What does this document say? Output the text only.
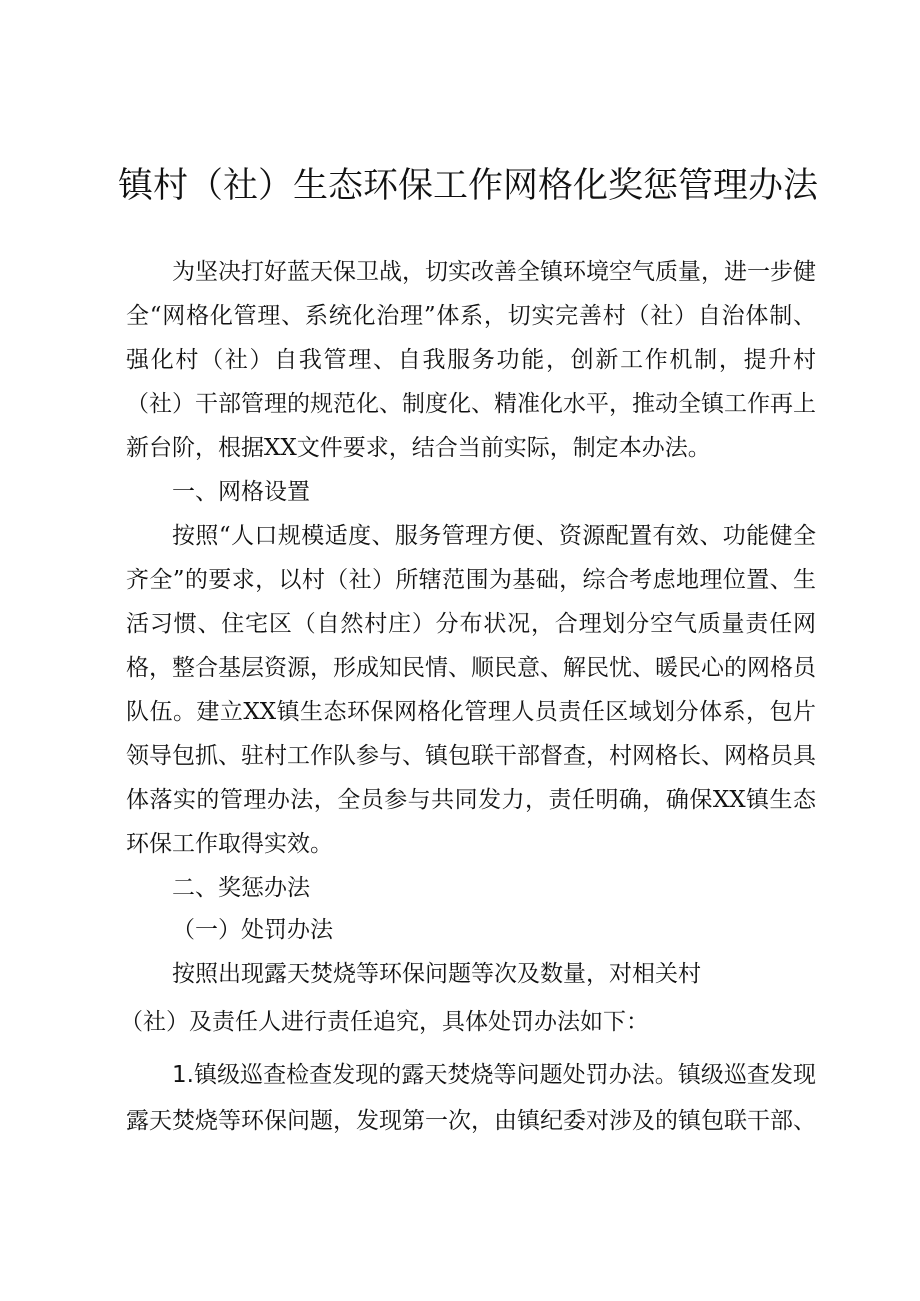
镇村（社）生态环保工作网格化奖惩管理办法

为坚决打好蓝天保卫战，切实改善全镇环境空气质量，进一步健全“网格化管理、系统化治理”体系，切实完善村（社）自治体制、强化村（社）自我管理、自我服务功能，创新工作机制，提升村（社）干部管理的规范化、制度化、精准化水平，推动全镇工作再上新台阶，根据XX文件要求，结合当前实际，制定本办法。

一、网格设置

按照“人口规模适度、服务管理方便、资源配置有效、功能健全齐全”的要求，以村（社）所辖范围为基础，综合考虑地理位置、生活习惯、住宅区（自然村庄）分布状况，合理划分空气质量责任网格，整合基层资源，形成知民情、顺民意、解民忧、暖民心的网格员队伍。建立XX镇生态环保网格化管理人员责任区域划分体系，包片领导包抓、驻村工作队参与、镇包联干部督查，村网格长、网格员具体落实的管理办法，全员参与共同发力，责任明确，确保XX镇生态环保工作取得实效。

二、奖惩办法

（一）处罚办法

按照出现露天焚烧等环保问题等次及数量，对相关村

（社）及责任人进行责任追究，具体处罚办法如下：

1.镇级巡查检查发现的露天焚烧等问题处罚办法。镇级巡查发现露天焚烧等环保问题，发现第一次，由镇纪委对涉及的镇包联干部、
